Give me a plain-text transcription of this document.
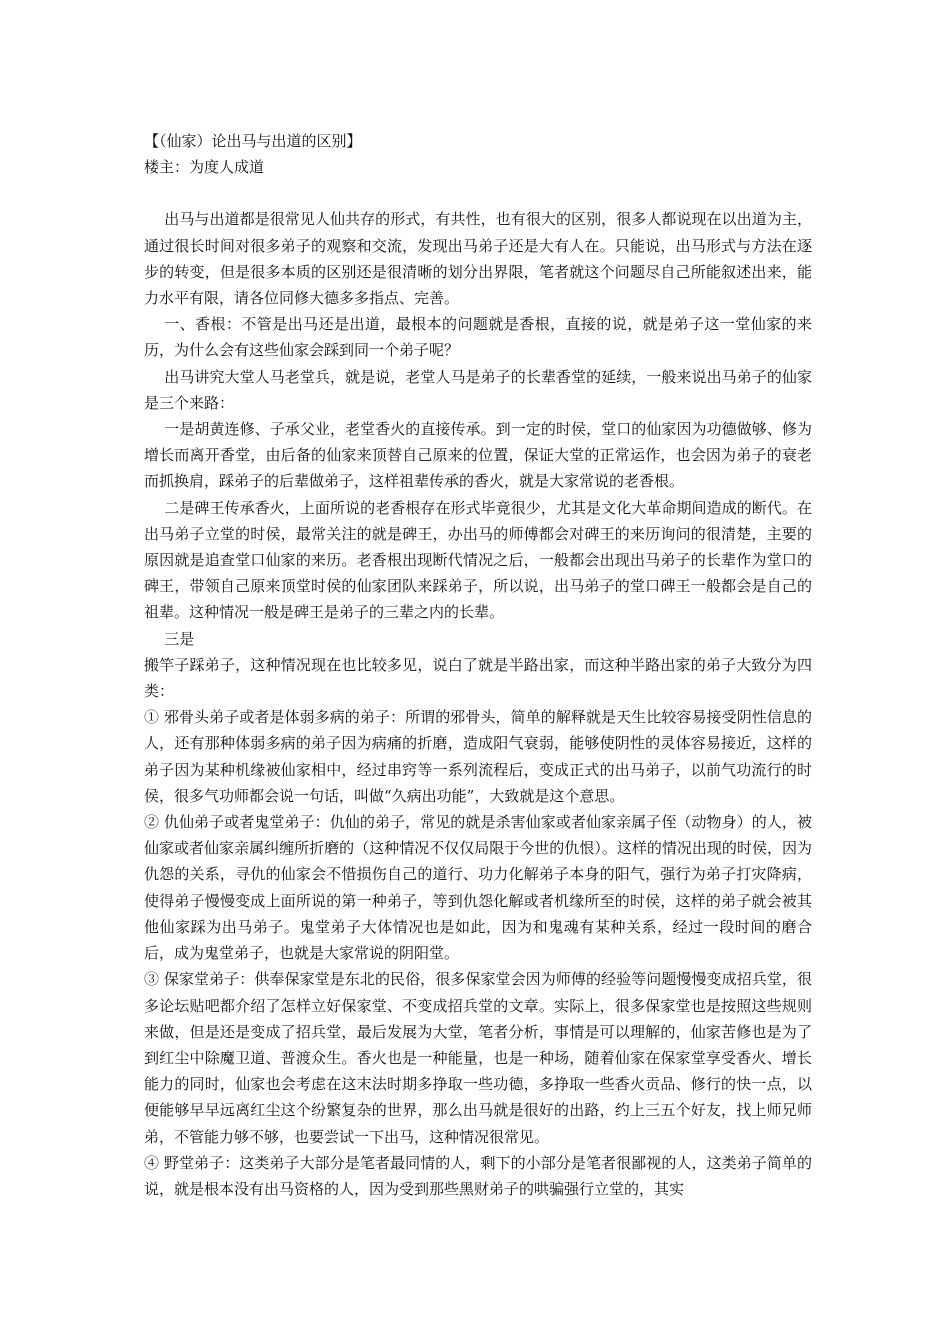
【（仙家）论出马与出道的区别】

楼主：为度人成道

出马与出道都是很常见人仙共存的形式，有共性，也有很大的区别，很多人都说现在以出道为主，通过很长时间对很多弟子的观察和交流，发现出马弟子还是大有人在。只能说，出马形式与方法在逐步的转变，但是很多本质的区别还是很清晰的划分出界限，笔者就这个问题尽自己所能叙述出来，能力水平有限，请各位同修大德多多指点、完善。

一、香根：不管是出马还是出道，最根本的问题就是香根，直接的说，就是弟子这一堂仙家的来历，为什么会有这些仙家会踩到同一个弟子呢？

出马讲究大堂人马老堂兵，就是说，老堂人马是弟子的长辈香堂的延续，一般来说出马弟子的仙家是三个来路：

一是胡黄连修、子承父业，老堂香火的直接传承。到一定的时侯，堂口的仙家因为功德做够、修为增长而离开香堂，由后备的仙家来顶替自己原来的位置，保证大堂的正常运作，也会因为弟子的衰老而抓换肩，踩弟子的后辈做弟子，这样祖辈传承的香火，就是大家常说的老香根。

二是碑王传承香火，上面所说的老香根存在形式毕竟很少，尤其是文化大革命期间造成的断代。在出马弟子立堂的时侯，最常关注的就是碑王，办出马的师傅都会对碑王的来历询问的很清楚，主要的原因就是追查堂口仙家的来历。老香根出现断代情况之后，一般都会出现出马弟子的长辈作为堂口的碑王，带领自己原来顶堂时侯的仙家团队来踩弟子，所以说，出马弟子的堂口碑王一般都会是自己的祖辈。这种情况一般是碑王是弟子的三辈之内的长辈。

三是

搬竿子踩弟子，这种情况现在也比较多见，说白了就是半路出家，而这种半路出家的弟子大致分为四类：

① 邪骨头弟子或者是体弱多病的弟子：所谓的邪骨头，简单的解释就是天生比较容易接受阴性信息的人，还有那种体弱多病的弟子因为病痛的折磨，造成阳气衰弱，能够使阴性的灵体容易接近，这样的弟子因为某种机缘被仙家相中，经过串窍等一系列流程后，变成正式的出马弟子，以前气功流行的时侯，很多气功师都会说一句话，叫做“久病出功能”，大致就是这个意思。

② 仇仙弟子或者鬼堂弟子：仇仙的弟子，常见的就是杀害仙家或者仙家亲属子侄（动物身）的人，被仙家或者仙家亲属纠缠所折磨的（这种情况不仅仅局限于今世的仇恨）。这样的情况出现的时侯，因为仇怨的关系，寻仇的仙家会不惜损伤自己的道行、功力化解弟子本身的阳气，强行为弟子打灾降病，使得弟子慢慢变成上面所说的第一种弟子，等到仇怨化解或者机缘所至的时侯，这样的弟子就会被其他仙家踩为出马弟子。鬼堂弟子大体情况也是如此，因为和鬼魂有某种关系，经过一段时间的磨合后，成为鬼堂弟子，也就是大家常说的阴阳堂。

③ 保家堂弟子：供奉保家堂是东北的民俗，很多保家堂会因为师傅的经验等问题慢慢变成招兵堂，很多论坛贴吧都介绍了怎样立好保家堂、不变成招兵堂的文章。实际上，很多保家堂也是按照这些规则来做，但是还是变成了招兵堂，最后发展为大堂，笔者分析，事情是可以理解的，仙家苦修也是为了到红尘中除魔卫道、普渡众生。香火也是一种能量，也是一种场，随着仙家在保家堂享受香火、增长能力的同时，仙家也会考虑在这末法时期多挣取一些功德，多挣取一些香火贡品、修行的快一点，以便能够早早远离红尘这个纷繁复杂的世界，那么出马就是很好的出路，约上三五个好友，找上师兄师弟，不管能力够不够，也要尝试一下出马，这种情况很常见。

④ 野堂弟子：这类弟子大部分是笔者最同情的人，剩下的小部分是笔者很鄙视的人，这类弟子简单的说，就是根本没有出马资格的人，因为受到那些黑财弟子的哄骗强行立堂的，其实
